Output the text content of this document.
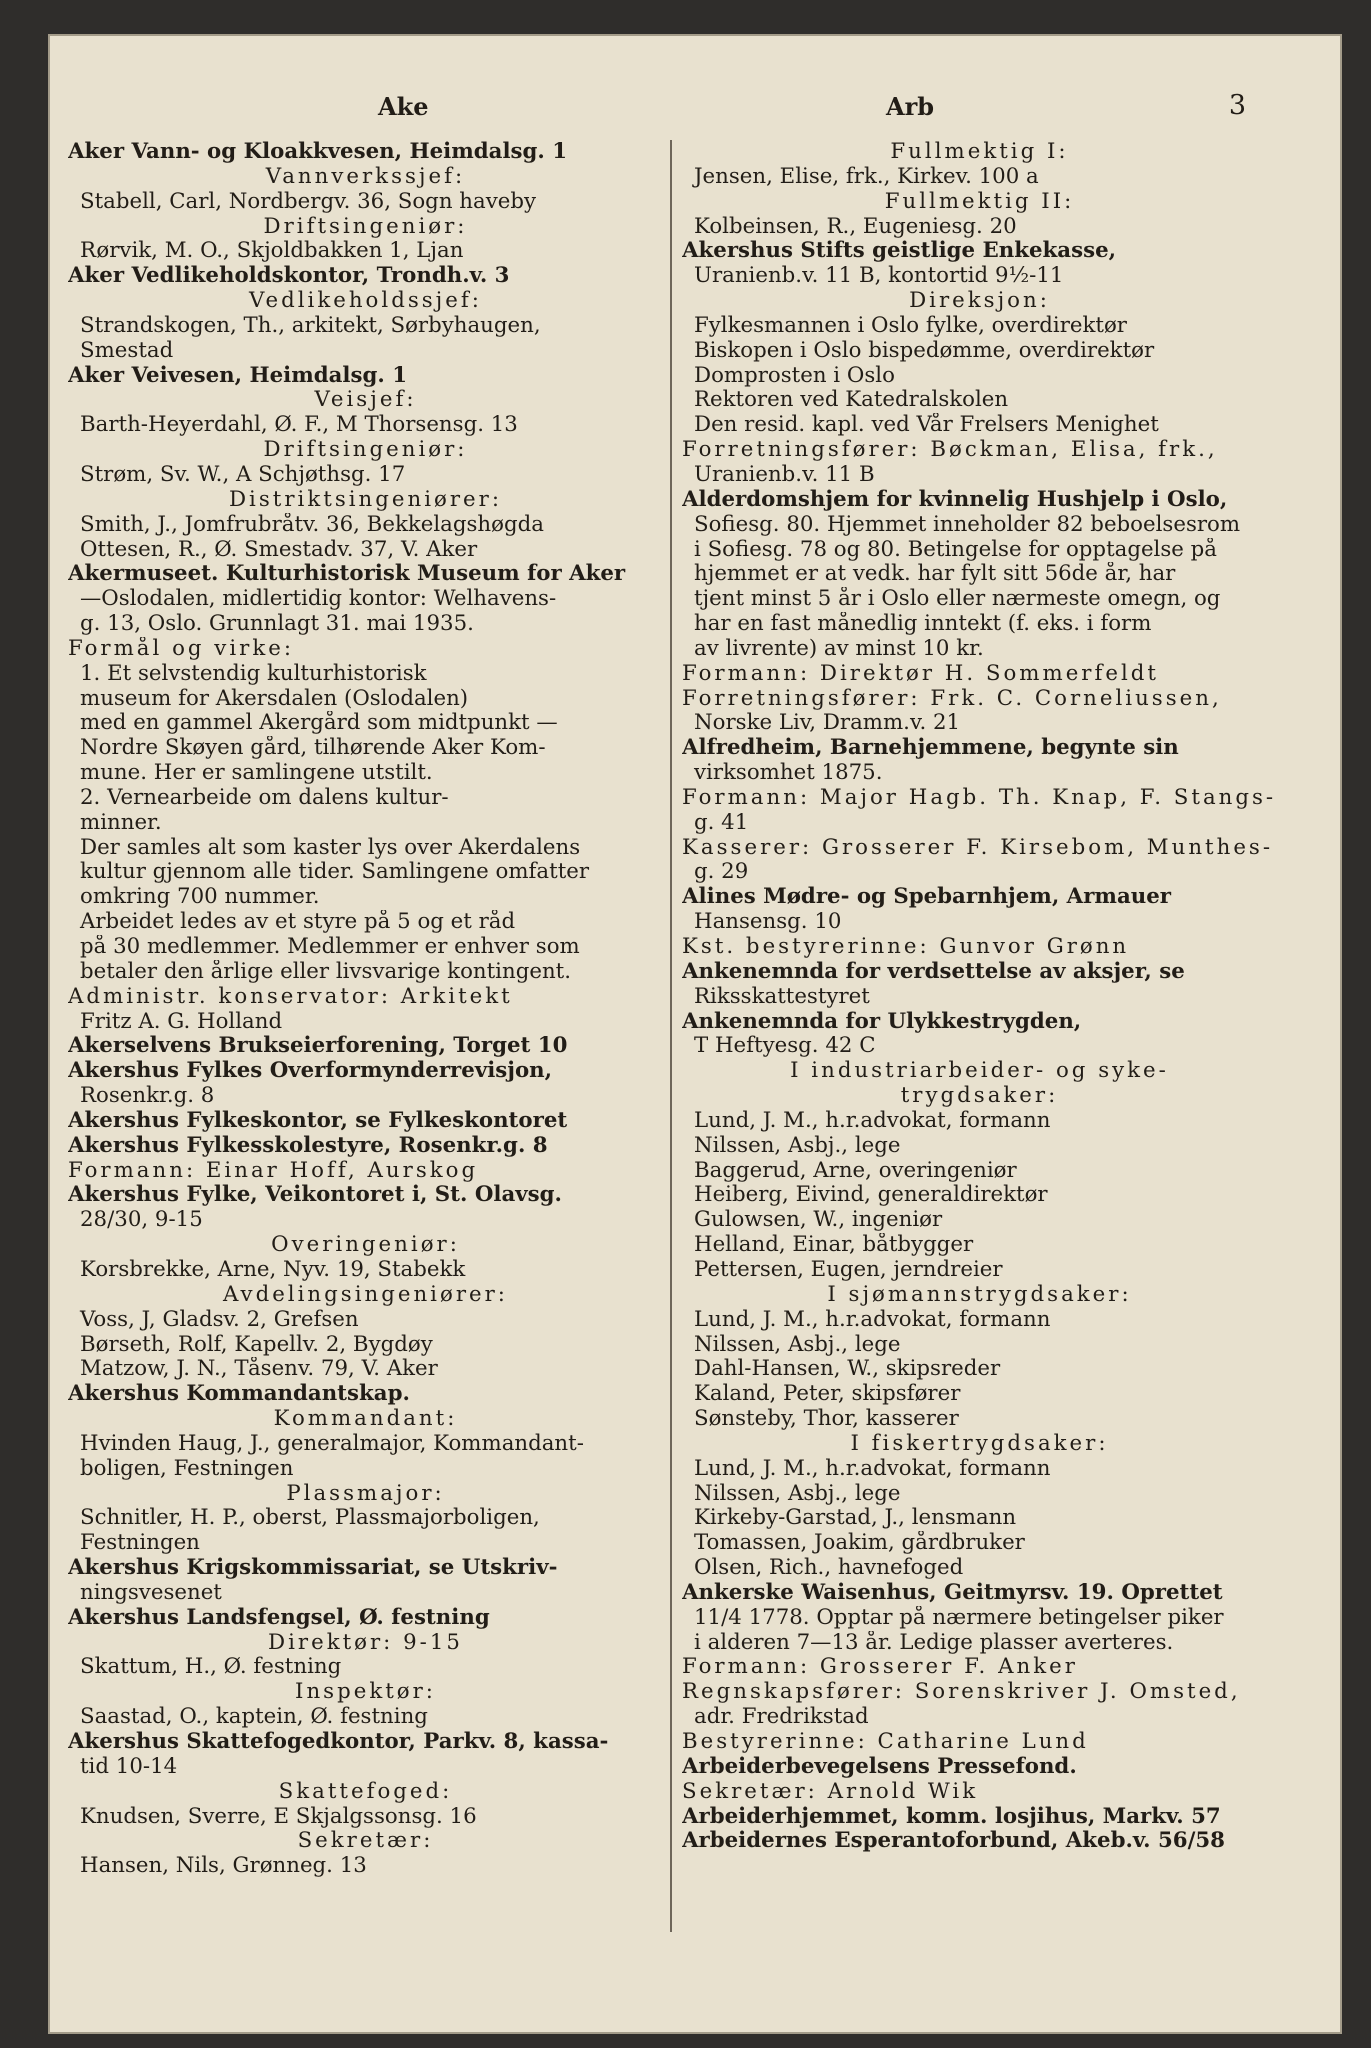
Ake	Arb	3
Aker Vann- og Kloakkvesen, Heimdalsg. 1
Vannverkssjef:
Stabell, Carl, Nordbergv. 36, Sogn haveby
Driftsingeniør:
Rørvik, M. O., Skjoldbakken 1, Ljan
Aker Vedlikeholdskontor, Trondh.v. 3
Vedlikeholdssjef:
Strandskogen, Th., arkitekt, Sørbyhaugen,
Smestad
Aker Veivesen, Heimdalsg. 1
Veisjef:
Barth-Heyerdahl, Ø. F., M Thorsensg. 13
Driftsingeniør:
Strøm, Sv. W., A Schjøthsg. 17
Distriktsingeniører:
Smith, J., Jomfrubråtv. 36, Bekkelagshøgda
Ottesen, R., Ø. Smestadv. 37, V. Aker
Akermuseet. Kulturhistorisk Museum for Aker
—Oslodalen, midlertidig kontor: Welhavens-
g. 13, Oslo. Grunnlagt 31. mai 1935.
Formål og virke:
1. Et selvstendig kulturhistorisk
museum for Akersdalen (Oslodalen)
med en gammel Akergård som midtpunkt —
Nordre Skøyen gård, tilhørende Aker Kom-
mune. Her er samlingene utstilt.
2. Vernearbeide om dalens kultur-
minner.
Der samles alt som kaster lys over Akerdalens
kultur gjennom alle tider. Samlingene omfatter
omkring 700 nummer.
Arbeidet ledes av et styre på 5 og et råd
på 30 medlemmer. Medlemmer er enhver som
betaler den årlige eller livsvarige kontingent.
Administr. konservator: Arkitekt
Fritz A. G. Holland
Akerselvens Brukseierforening, Torget 10
Akershus Fylkes Overformynderrevisjon,
Rosenkr.g. 8
Akershus Fylkeskontor, se Fylkeskontoret
Akershus Fylkesskolestyre, Rosenkr.g. 8
Formann: Einar Hoff, Aurskog
Akershus Fylke, Veikontoret i, St. Olavsg.
28/30, 9-15
Overingeniør:
Korsbrekke, Arne, Nyv. 19, Stabekk
Avdelingsingeniører:
Voss, J, Gladsv. 2, Grefsen
Børseth, Rolf, Kapellv. 2, Bygdøy
Matzow, J. N., Tåsenv. 79, V. Aker
Akershus Kommandantskap.
Kommandant:
Hvinden Haug, J., generalmajor, Kommandant-
boligen, Festningen
Plassmajor:
Schnitler, H. P., oberst, Plassmajorboligen,
Festningen
Akershus Krigskommissariat, se Utskriv-
ningsvesenet
Akershus Landsfengsel, Ø. festning
Direktør: 9-15
Skattum, H., Ø. festning
Inspektør:
Saastad, O., kaptein, Ø. festning
Akershus Skattefogedkontor, Parkv. 8, kassa-
tid 10-14
Skattefoged:
Knudsen, Sverre, E Skjalgssonsg. 16
Sekretær:
Hansen, Nils, Grønneg. 13
Fullmektig I:
Jensen, Elise, frk., Kirkev. 100 a
Fullmektig II:
Kolbeinsen, R., Eugeniesg. 20
Akershus Stifts geistlige Enkekasse,
Uranienb.v. 11 B, kontortid 9½-11
Direksjon:
Fylkesmannen i Oslo fylke, overdirektør
Biskopen i Oslo bispedømme, overdirektør
Domprosten i Oslo
Rektoren ved Katedralskolen
Den resid. kapl. ved Vår Frelsers Menighet
Forretningsfører: Bøckman, Elisa, frk.,
Uranienb.v. 11 B
Alderdomshjem for kvinnelig Hushjelp i Oslo,
Sofiesg. 80. Hjemmet inneholder 82 beboelsesrom
i Sofiesg. 78 og 80. Betingelse for opptagelse på
hjemmet er at vedk. har fylt sitt 56de år, har
tjent minst 5 år i Oslo eller nærmeste omegn, og
har en fast månedlig inntekt (f. eks. i form
av livrente) av minst 10 kr.
Formann: Direktør H. Sommerfeldt
Forretningsfører: Frk. C. Corneliussen,
Norske Liv, Dramm.v. 21
Alfredheim, Barnehjemmene, begynte sin
virksomhet 1875.
Formann: Major Hagb. Th. Knap, F. Stangs-
g. 41
Kasserer: Grosserer F. Kirsebom, Munthes-
g. 29
Alines Mødre- og Spebarnhjem, Armauer
Hansensg. 10
Kst. bestyrerinne: Gunvor Grønn
Ankenemnda for verdsettelse av aksjer, se
Riksskattestyret
Ankenemnda for Ulykkestrygden,
T Heftyesg. 42 C
I industriarbeider- og syke-
trygdsaker:
Lund, J. M., h.r.advokat, formann
Nilssen, Asbj., lege
Baggerud, Arne, overingeniør
Heiberg, Eivind, generaldirektør
Gulowsen, W., ingeniør
Helland, Einar, båtbygger
Pettersen, Eugen, jerndreier
I sjømannstrygdsaker:
Lund, J. M., h.r.advokat, formann
Nilssen, Asbj., lege
Dahl-Hansen, W., skipsreder
Kaland, Peter, skipsfører
Sønsteby, Thor, kasserer
I fiskertrygdsaker:
Lund, J. M., h.r.advokat, formann
Nilssen, Asbj., lege
Kirkeby-Garstad, J., lensmann
Tomassen, Joakim, gårdbruker
Olsen, Rich., havnefoged
Ankerske Waisenhus, Geitmyrsv. 19. Oprettet
11/4 1778. Opptar på nærmere betingelser piker
i alderen 7—13 år. Ledige plasser averteres.
Formann: Grosserer F. Anker
Regnskapsfører: Sorenskriver J. Omsted,
adr. Fredrikstad
Bestyrerinne: Catharine Lund
Arbeiderbevegelsens Pressefond.
Sekretær: Arnold Wik
Arbeiderhjemmet, komm. losjihus, Markv. 57
Arbeidernes Esperantoforbund, Akeb.v. 56/58
